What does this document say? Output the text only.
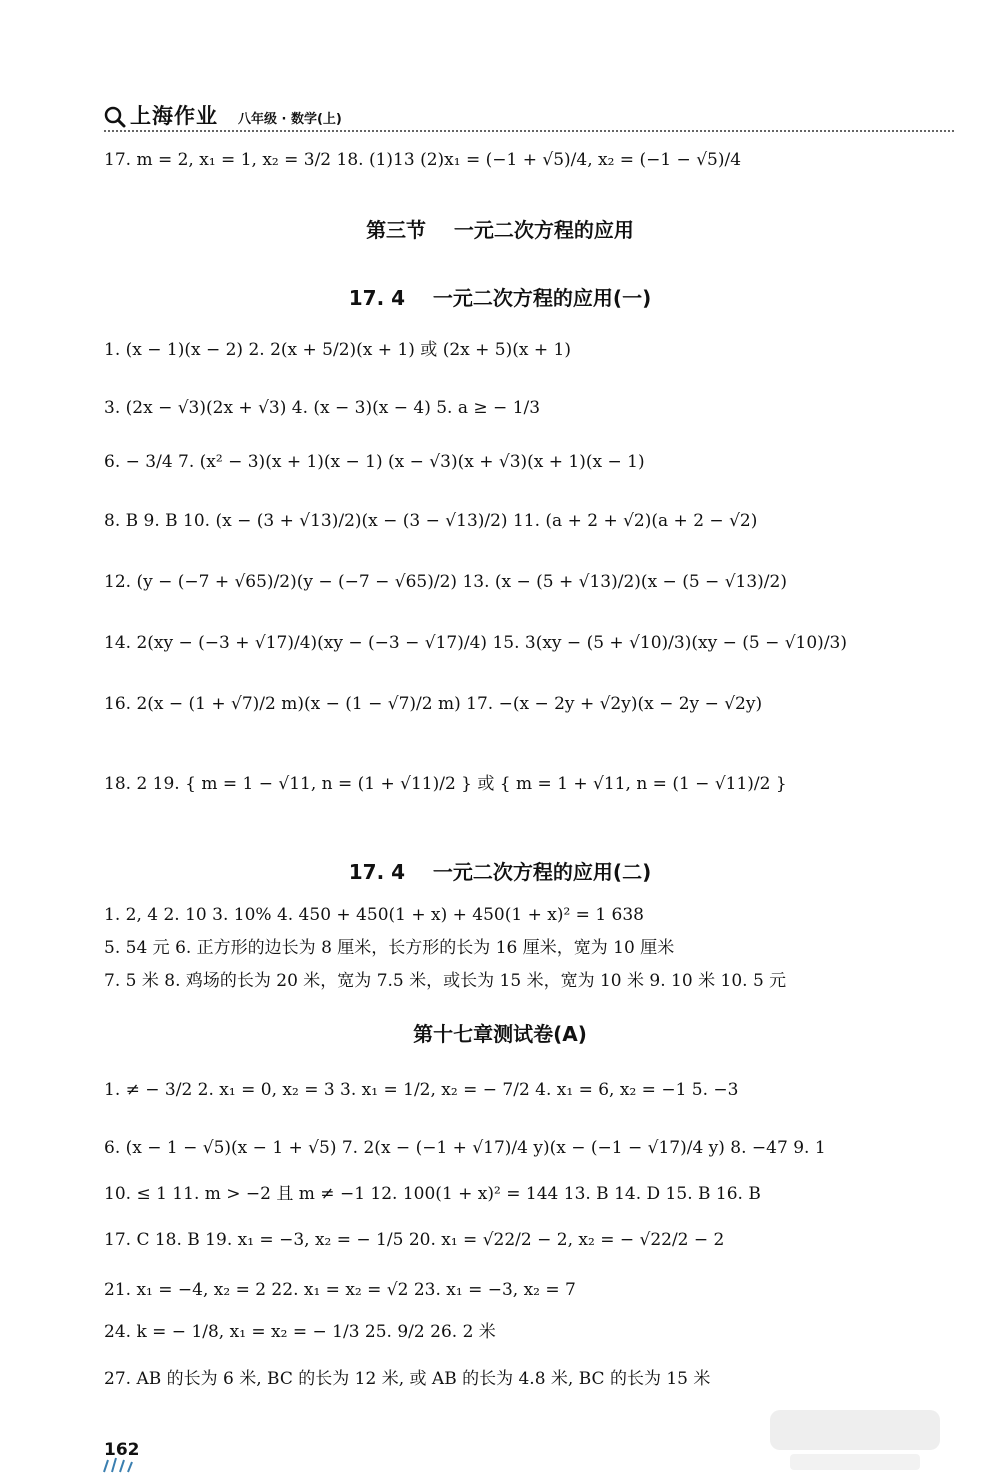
上海作业 八年级 · 数学(上)
17. m = 2, x₁ = 1, x₂ = 3/2 18. (1)13 (2)x₁ = (−1 + √5)/4, x₂ = (−1 − √5)/4
第三节    一元二次方程的应用
17. 4    一元二次方程的应用(一)
1. (x − 1)(x − 2) 2. 2(x + 5/2)(x + 1) 或 (2x + 5)(x + 1)
3. (2x − √3)(2x + √3) 4. (x − 3)(x − 4) 5. a ≥ − 1/3
6. − 3/4 7. (x² − 3)(x + 1)(x − 1) (x − √3)(x + √3)(x + 1)(x − 1)
8. B 9. B 10. (x − (3 + √13)/2)(x − (3 − √13)/2) 11. (a + 2 + √2)(a + 2 − √2)
12. (y − (−7 + √65)/2)(y − (−7 − √65)/2) 13. (x − (5 + √13)/2)(x − (5 − √13)/2)
14. 2(xy − (−3 + √17)/4)(xy − (−3 − √17)/4) 15. 3(xy − (5 + √10)/3)(xy − (5 − √10)/3)
16. 2(x − (1 + √7)/2 m)(x − (1 − √7)/2 m) 17. −(x − 2y + √2y)(x − 2y − √2y)
18. 2 19. { m = 1 − √11, n = (1 + √11)/2 } 或 { m = 1 + √11, n = (1 − √11)/2 }
17. 4    一元二次方程的应用(二)
1. 2, 4 2. 10 3. 10% 4. 450 + 450(1 + x) + 450(1 + x)² = 1 638
5. 54 元 6. 正方形的边长为 8 厘米，长方形的长为 16 厘米，宽为 10 厘米
7. 5 米 8. 鸡场的长为 20 米，宽为 7.5 米，或长为 15 米，宽为 10 米 9. 10 米 10. 5 元
第十七章测试卷(A)
1. ≠ − 3/2 2. x₁ = 0, x₂ = 3 3. x₁ = 1/2, x₂ = − 7/2 4. x₁ = 6, x₂ = −1 5. −3
6. (x − 1 − √5)(x − 1 + √5) 7. 2(x − (−1 + √17)/4 y)(x − (−1 − √17)/4 y) 8. −47 9. 1
10. ≤ 1 11. m > −2 且 m ≠ −1 12. 100(1 + x)² = 144 13. B 14. D 15. B 16. B
17. C 18. B 19. x₁ = −3, x₂ = − 1/5 20. x₁ = √22/2 − 2, x₂ = − √22/2 − 2
21. x₁ = −4, x₂ = 2 22. x₁ = x₂ = √2 23. x₁ = −3, x₂ = 7
24. k = − 1/8, x₁ = x₂ = − 1/3 25. 9/2 26. 2 米
27. AB 的长为 6 米, BC 的长为 12 米, 或 AB 的长为 4.8 米, BC 的长为 15 米
162
